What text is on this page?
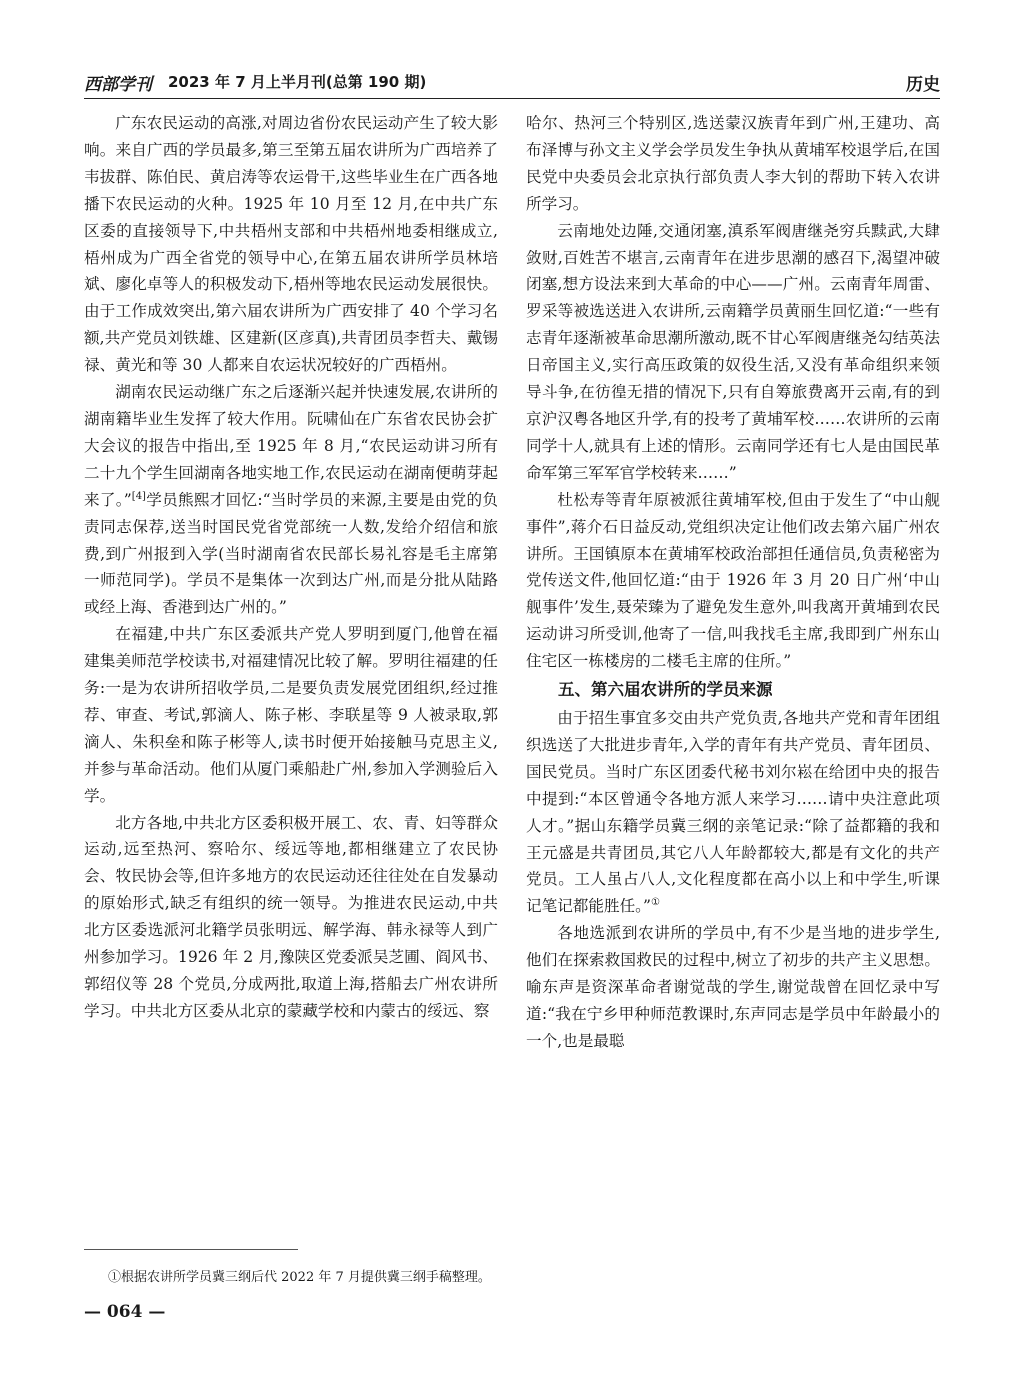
西部学刊 2023 年 7 月上半月刊(总第 190 期)	历史

广东农民运动的高涨,对周边省份农民运动产生了较大影响。来自广西的学员最多,第三至第五届农讲所为广西培养了韦拔群、陈伯民、黄启涛等农运骨干,这些毕业生在广西各地播下农民运动的火种。1925 年 10 月至 12 月,在中共广东区委的直接领导下,中共梧州支部和中共梧州地委相继成立,梧州成为广西全省党的领导中心,在第五届农讲所学员林培斌、廖化卓等人的积极发动下,梧州等地农民运动发展很快。由于工作成效突出,第六届农讲所为广西安排了 40 个学习名额,共产党员刘铁雄、区建新(区彦真),共青团员李哲夫、戴锡禄、黄光和等 30 人都来自农运状况较好的广西梧州。

湖南农民运动继广东之后逐渐兴起并快速发展,农讲所的湖南籍毕业生发挥了较大作用。阮啸仙在广东省农民协会扩大会议的报告中指出,至 1925 年 8 月,“农民运动讲习所有二十九个学生回湖南各地实地工作,农民运动在湖南便萌芽起来了。”[4]学员熊熙才回忆:“当时学员的来源,主要是由党的负责同志保荐,送当时国民党省党部统一人数,发给介绍信和旅费,到广州报到入学(当时湖南省农民部长易礼容是毛主席第一师范同学)。学员不是集体一次到达广州,而是分批从陆路或经上海、香港到达广州的。”

在福建,中共广东区委派共产党人罗明到厦门,他曾在福建集美师范学校读书,对福建情况比较了解。罗明往福建的任务:一是为农讲所招收学员,二是要负责发展党团组织,经过推荐、审查、考试,郭滴人、陈子彬、李联星等 9 人被录取,郭滴人、朱积垒和陈子彬等人,读书时便开始接触马克思主义,并参与革命活动。他们从厦门乘船赴广州,参加入学测验后入学。

北方各地,中共北方区委积极开展工、农、青、妇等群众运动,远至热河、察哈尔、绥远等地,都相继建立了农民协会、牧民协会等,但许多地方的农民运动还往往处在自发暴动的原始形式,缺乏有组织的统一领导。为推进农民运动,中共北方区委选派河北籍学员张明远、解学海、韩永禄等人到广州参加学习。1926 年 2 月,豫陕区党委派吴芝圃、阎风书、郭绍仪等 28 个党员,分成两批,取道上海,搭船去广州农讲所学习。中共北方区委从北京的蒙藏学校和内蒙古的绥远、察

哈尔、热河三个特别区,选送蒙汉族青年到广州,王建功、高布泽博与孙文主义学会学员发生争执从黄埔军校退学后,在国民党中央委员会北京执行部负责人李大钊的帮助下转入农讲所学习。

云南地处边陲,交通闭塞,滇系军阀唐继尧穷兵黩武,大肆敛财,百姓苦不堪言,云南青年在进步思潮的感召下,渴望冲破闭塞,想方设法来到大革命的中心——广州。云南青年周雷、罗采等被选送进入农讲所,云南籍学员黄丽生回忆道:“一些有志青年逐渐被革命思潮所激动,既不甘心军阀唐继尧勾结英法日帝国主义,实行高压政策的奴役生活,又没有革命组织来领导斗争,在彷徨无措的情况下,只有自筹旅费离开云南,有的到京沪汉粤各地区升学,有的投考了黄埔军校……农讲所的云南同学十人,就具有上述的情形。云南同学还有七人是由国民革命军第三军军官学校转来……”

杜松寿等青年原被派往黄埔军校,但由于发生了“中山舰事件”,蒋介石日益反动,党组织决定让他们改去第六届广州农讲所。王国镇原本在黄埔军校政治部担任通信员,负责秘密为党传送文件,他回忆道:“由于 1926 年 3 月 20 日广州‘中山舰事件’发生,聂荣臻为了避免发生意外,叫我离开黄埔到农民运动讲习所受训,他寄了一信,叫我找毛主席,我即到广州东山住宅区一栋楼房的二楼毛主席的住所。”

五、第六届农讲所的学员来源

由于招生事宜多交由共产党负责,各地共产党和青年团组织选送了大批进步青年,入学的青年有共产党员、青年团员、国民党员。当时广东区团委代秘书刘尔崧在给团中央的报告中提到:“本区曾通令各地方派人来学习……请中央注意此项人才。”据山东籍学员冀三纲的亲笔记录:“除了益都籍的我和王元盛是共青团员,其它八人年龄都较大,都是有文化的共产党员。工人虽占八人,文化程度都在高小以上和中学生,听课记笔记都能胜任。”①

各地选派到农讲所的学员中,有不少是当地的进步学生,他们在探索救国救民的过程中,树立了初步的共产主义思想。喻东声是资深革命者谢觉哉的学生,谢觉哉曾在回忆录中写道:“我在宁乡甲种师范教课时,东声同志是学员中年龄最小的一个,也是最聪

①根据农讲所学员冀三纲后代 2022 年 7 月提供冀三纲手稿整理。
— 064 —
